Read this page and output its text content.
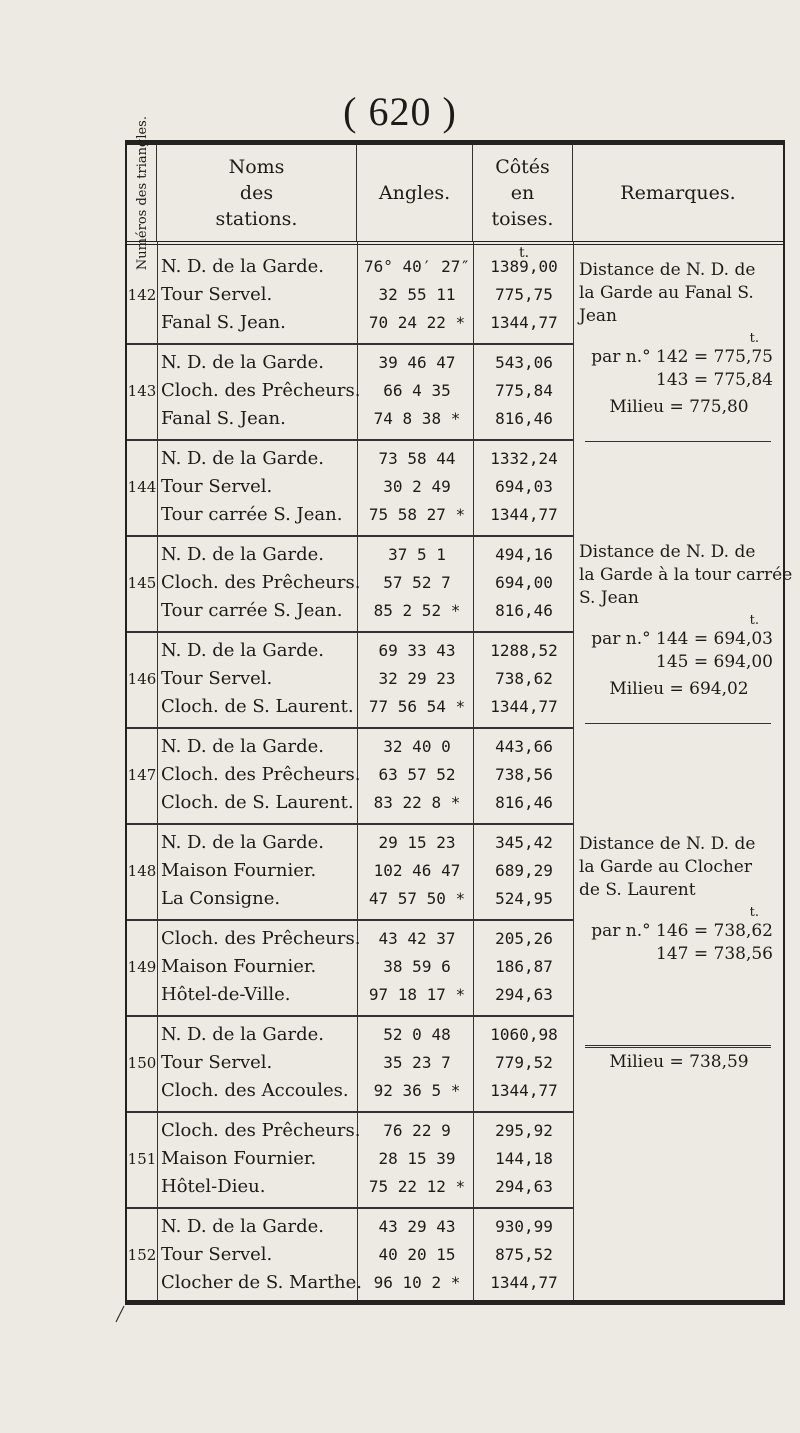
( 620 )
Numéros des triangles.	Noms
des
stations.
Angles.
Côtés
en
toises.
Remarques.
t.
142
N. D. de la Garde.	76° 40′ 27″	1389,00
Tour Servel.	32 55 11	775,75
Fanal S. Jean.	70 24 22 *	1344,77
143
N. D. de la Garde.	39 46 47	543,06
Cloch. des Prêcheurs.	66 4 35	775,84
Fanal S. Jean.	74 8 38 *	816,46
144
N. D. de la Garde.	73 58 44	1332,24
Tour Servel.	30 2 49	694,03
Tour carrée S. Jean.	75 58 27 *	1344,77
145
N. D. de la Garde.	37 5 1	494,16
Cloch. des Prêcheurs.	57 52 7	694,00
Tour carrée S. Jean.	85 2 52 *	816,46
146
N. D. de la Garde.	69 33 43	1288,52
Tour Servel.	32 29 23	738,62
Cloch. de S. Laurent. 77 56 54 *	1344,77
147
N. D. de la Garde.	32 40 0	443,66
Cloch. des Prêcheurs.	63 57 52	738,56
Cloch. de S. Laurent.	83 22 8 *	816,46
148
N. D. de la Garde.	29 15 23	345,42
Maison Fournier.	102 46 47	689,29
La Consigne.	47 57 50 *	524,95
149
Cloch. des Prêcheurs.	43 42 37	205,26
Maison Fournier.	38 59 6	186,87
Hôtel-de-Ville.	97 18 17 *	294,63
150
N. D. de la Garde.	52 0 48	1060,98
Tour Servel.	35 23 7	779,52
Cloch. des Accoules.	92 36 5 *	1344,77
151
Cloch. des Prêcheurs.	76 22 9	295,92
Maison Fournier.	28 15 39	144,18
Hôtel-Dieu.	75 22 12 *	294,63
152
N. D. de la Garde.	43 29 43	930,99
Tour Servel.	40 20 15	875,52
Clocher de S. Marthe. 96 10 2 *	1344,77
Distance de N. D. de
la Garde au Fanal S.
Jean
t.
par n.° 142 = 775,75
143 = 775,84
Milieu = 775,80
Distance de N. D. de
la Garde à la tour carrée
S. Jean
t.
par n.° 144 = 694,03
145 = 694,00
Milieu = 694,02
Distance de N. D. de
la Garde au Clocher
de S. Laurent
t.
par n.° 146 = 738,62
147 = 738,56
Milieu = 738,59
